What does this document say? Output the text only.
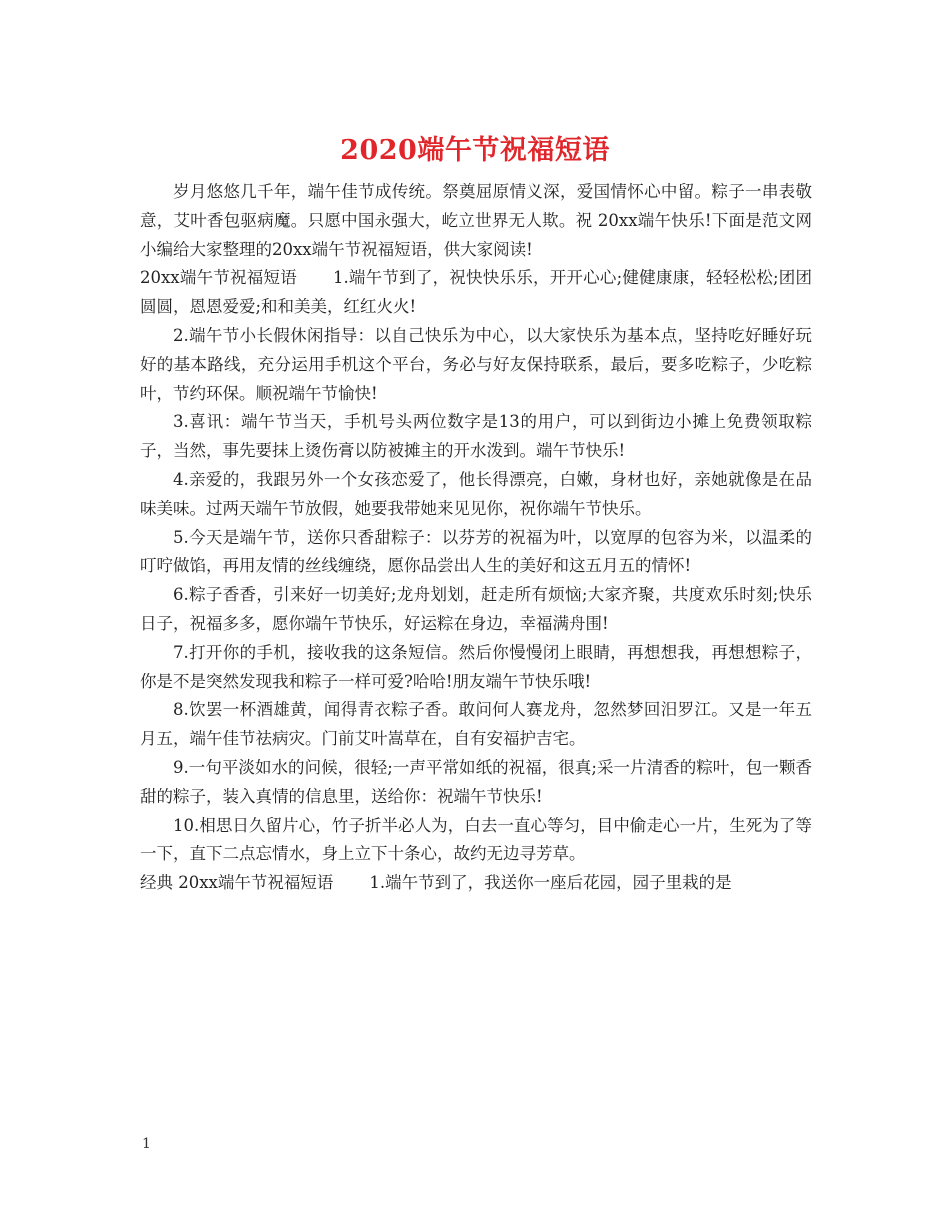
2020端午节祝福短语

岁月悠悠几千年，端午佳节成传统。祭奠屈原情义深，爱国情怀心中留。粽子一串表敬意，艾叶香包驱病魔。只愿中国永强大，屹立世界无人欺。祝 20xx端午快乐!下面是范文网小编给大家整理的20xx端午节祝福短语，供大家阅读!

20xx端午节祝福短语 1.端午节到了，祝快快乐乐，开开心心;健健康康，轻轻松松;团团圆圆，恩恩爱爱;和和美美，红红火火!

2.端午节小长假休闲指导：以自己快乐为中心，以大家快乐为基本点，坚持吃好睡好玩好的基本路线，充分运用手机这个平台，务必与好友保持联系，最后，要多吃粽子，少吃粽叶，节约环保。顺祝端午节愉快!

3.喜讯：端午节当天，手机号头两位数字是13的用户，可以到街边小摊上免费领取粽子，当然，事先要抹上烫伤膏以防被摊主的开水泼到。端午节快乐!

4.亲爱的，我跟另外一个女孩恋爱了，他长得漂亮，白嫩，身材也好，亲她就像是在品味美味。过两天端午节放假，她要我带她来见见你，祝你端午节快乐。

5.今天是端午节，送你只香甜粽子：以芬芳的祝福为叶，以宽厚的包容为米，以温柔的叮咛做馅，再用友情的丝线缠绕，愿你品尝出人生的美好和这五月五的情怀!

6.粽子香香，引来好一切美好;龙舟划划，赶走所有烦恼;大家齐聚，共度欢乐时刻;快乐日子，祝福多多，愿你端午节快乐，好运粽在身边，幸福满舟围!

7.打开你的手机，接收我的这条短信。然后你慢慢闭上眼睛，再想想我，再想想粽子，你是不是突然发现我和粽子一样可爱?哈哈!朋友端午节快乐哦!

8.饮罢一杯酒雄黄，闻得青衣粽子香。敢问何人赛龙舟，忽然梦回汨罗江。又是一年五月五，端午佳节祛病灾。门前艾叶嵩草在，自有安福护吉宅。

9.一句平淡如水的问候，很轻;一声平常如纸的祝福，很真;采一片清香的粽叶，包一颗香甜的粽子，装入真情的信息里，送给你：祝端午节快乐!

10.相思日久留片心，竹子折半必人为，白去一直心等匀，目中偷走心一片，生死为了等一下，直下二点忘情水，身上立下十条心，故约无边寻芳草。

经典 20xx端午节祝福短语 1.端午节到了，我送你一座后花园，园子里栽的是

1
